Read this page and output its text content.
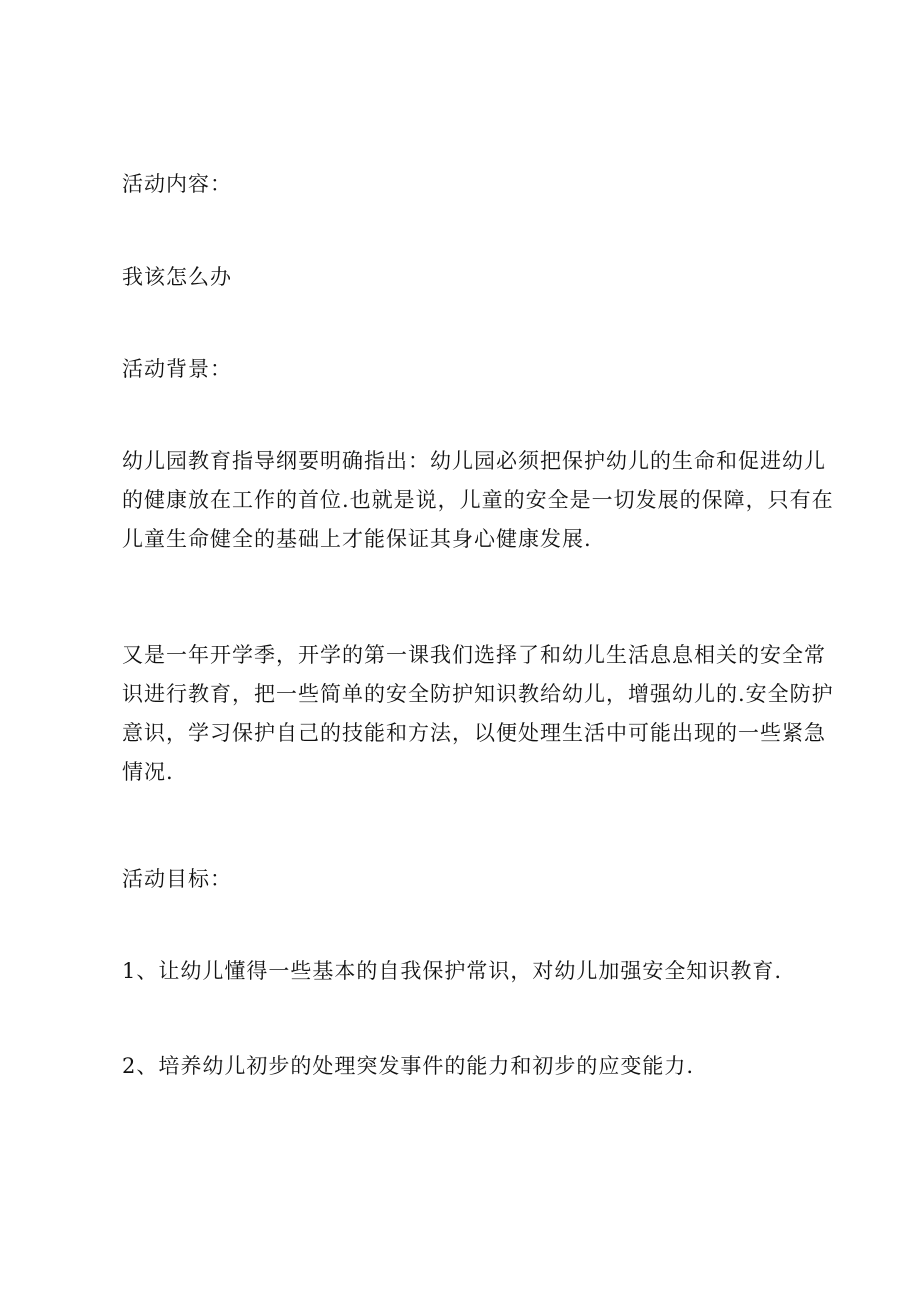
活动内容：

我该怎么办

活动背景：

幼儿园教育指导纲要明确指出：幼儿园必须把保护幼儿的生命和促进幼儿
的健康放在工作的首位.也就是说，儿童的安全是一切发展的保障，只有在
儿童生命健全的基础上才能保证其身心健康发展.

又是一年开学季，开学的第一课我们选择了和幼儿生活息息相关的安全常
识进行教育，把一些简单的安全防护知识教给幼儿，增强幼儿的.安全防护
意识，学习保护自己的技能和方法，以便处理生活中可能出现的一些紧急
情况.

活动目标：

1、让幼儿懂得一些基本的自我保护常识，对幼儿加强安全知识教育.

2、培养幼儿初步的处理突发事件的能力和初步的应变能力.
